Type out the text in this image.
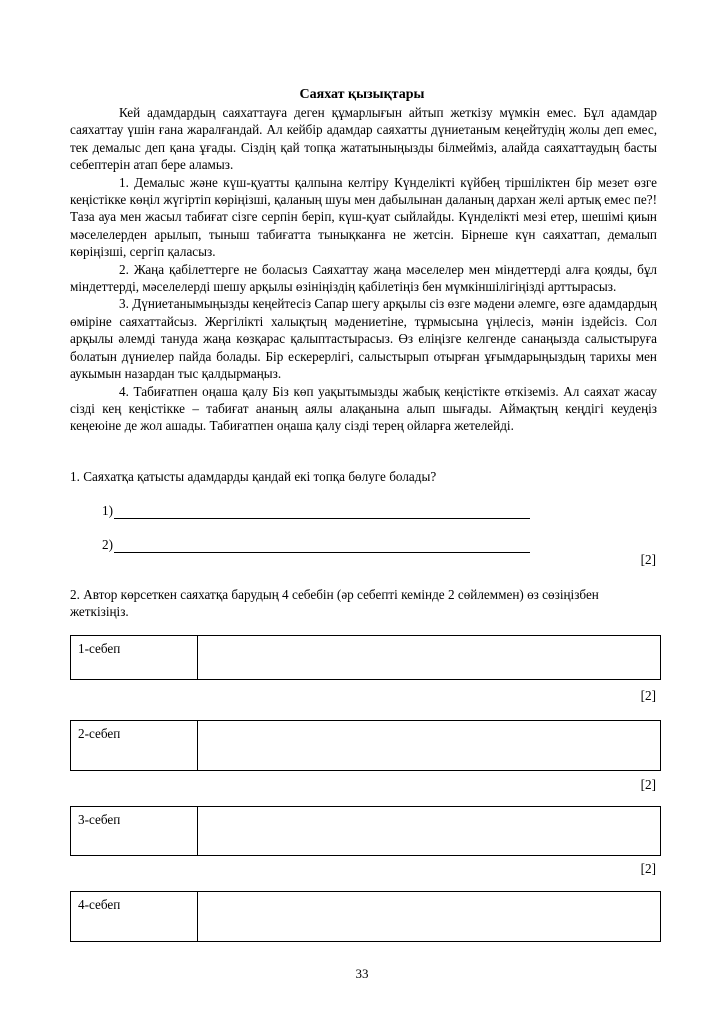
Саяхат қызықтары

Кей адамдардың саяхаттауға деген құмарлығын айтып жеткізу мүмкін емес. Бұл адамдар саяхаттау үшін ғана жаралғандай. Ал кейбір адамдар саяхатты дүниетаным кеңейтудің жолы деп емес, тек демалыс деп қана ұғады. Сіздің қай топқа жататыныңызды білмейміз, алайда саяхаттаудың басты себептерін атап бере аламыз.

1. Демалыс және күш-қуатты қалпына келтіру Күнделікті күйбең тіршіліктен бір мезет өзге кеңістікке көңіл жүгіртіп көріңізші, қаланың шуы мен дабылынан даланың дархан желі артық емес пе?! Таза ауа мен жасыл табиғат сізге серпін беріп, күш-қуат сыйлайды. Күнделікті мезі етер, шешімі қиын мәселелерден арылып, тыныш табиғатта тынықканға не жетсін. Бірнеше күн саяхаттап, демалып көріңізші, сергіп қаласыз.

2. Жаңа қабілеттерге не боласыз Саяхаттау жаңа мәселелер мен міндеттерді алға қояды, бұл міндеттерді, мәселелерді шешу арқылы өзініңіздің қабілетіңіз бен мүмкіншілігіңізді арттырасыз.

3. Дүниетанымыңызды кеңейтесіз Сапар шегу арқылы сіз өзге мәдени әлемге, өзге адамдардың өміріне саяхаттайсыз. Жергілікті халықтың мәдениетіне, тұрмысына үңілесіз, мәнін іздейсіз. Сол арқылы әлемді тануда жаңа көзқарас қалыптастырасыз. Өз еліңізге келгенде санаңызда салыстыруға болатын дүниелер пайда болады. Бір ескерерлігі, салыстырып отырған ұғымдарыңыздың тарихы мен аукымын назардан тыс қалдырмаңыз.

4. Табиғатпен оңаша қалу Біз көп уақытымызды жабық кеңістікте өткіземіз. Ал саяхат жасау сізді кең кеңістікке – табиғат ананың аялы алақанына алып шығады. Аймақтың кеңдігі кеудеңіз кеңеюіне де жол ашады. Табиғатпен оңаша қалу сізді терең ойларға жетелейді.

1. Саяхатқа қатысты адамдарды қандай екі топқа бөлуге болады?
1)
2)
[2]
2. Автор көрсеткен саяхатқа барудың 4 себебін (әр себепті кемінде 2 сөйлеммен) өз сөзіңізбен жеткізіңіз.
1-себеп
[2]
2-себеп
[2]
3-себеп
[2]
4-себеп
33
